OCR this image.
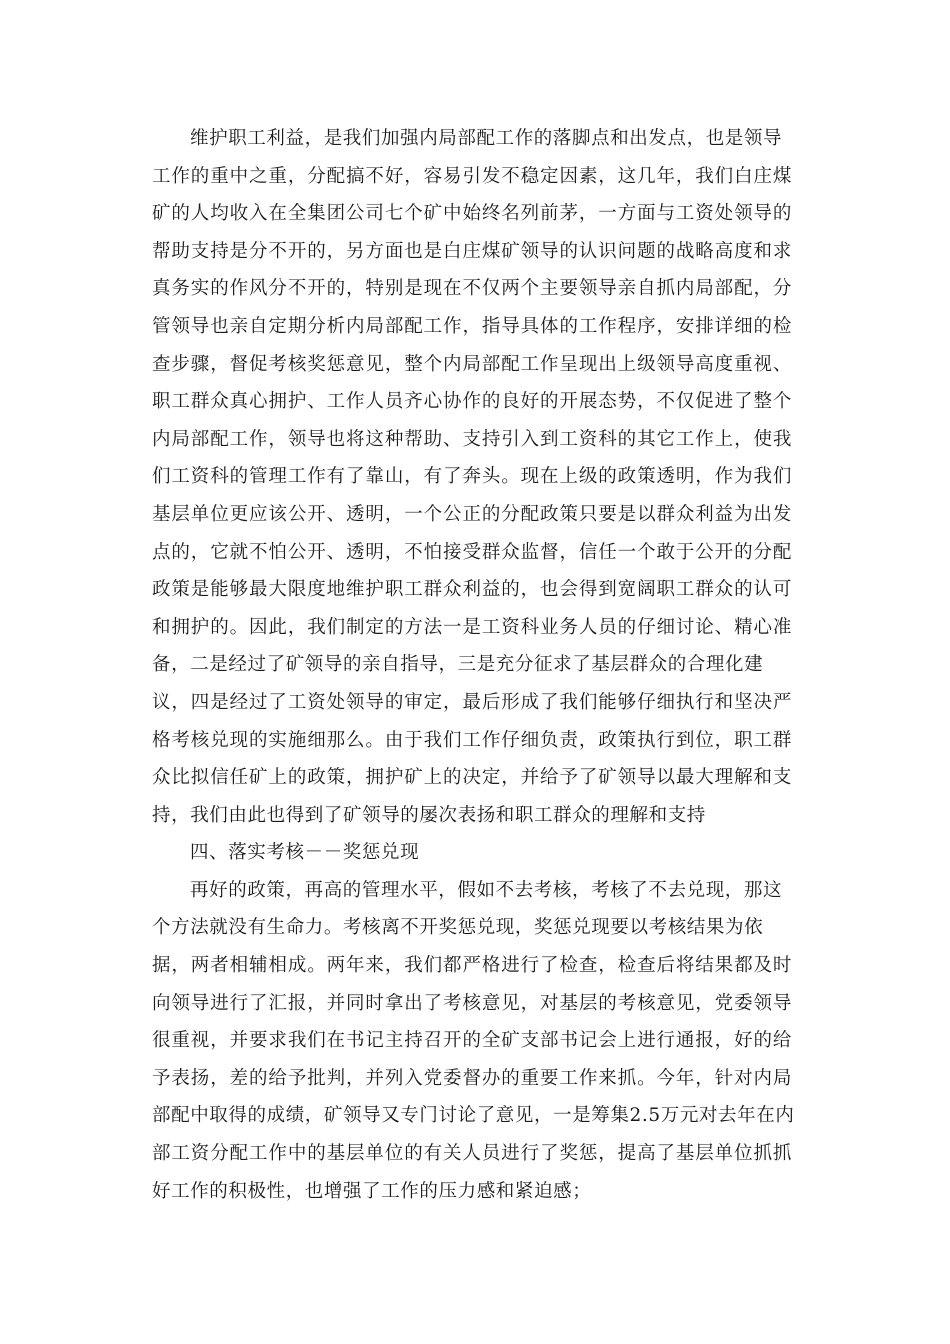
维护职工利益，是我们加强内局部配工作的落脚点和出发点，也是领导
工作的重中之重，分配搞不好，容易引发不稳定因素，这几年，我们白庄煤
矿的人均收入在全集团公司七个矿中始终名列前茅，一方面与工资处领导的
帮助支持是分不开的，另方面也是白庄煤矿领导的认识问题的战略高度和求
真务实的作风分不开的，特别是现在不仅两个主要领导亲自抓内局部配，分
管领导也亲自定期分析内局部配工作，指导具体的工作程序，安排详细的检
查步骤，督促考核奖惩意见，整个内局部配工作呈现出上级领导高度重视、
职工群众真心拥护、工作人员齐心协作的良好的开展态势，不仅促进了整个
内局部配工作，领导也将这种帮助、支持引入到工资科的其它工作上，使我
们工资科的管理工作有了靠山，有了奔头。现在上级的政策透明，作为我们
基层单位更应该公开、透明，一个公正的分配政策只要是以群众利益为出发
点的，它就不怕公开、透明，不怕接受群众监督，信任一个敢于公开的分配
政策是能够最大限度地维护职工群众利益的，也会得到宽阔职工群众的认可
和拥护的。因此，我们制定的方法一是工资科业务人员的仔细讨论、精心准
备，二是经过了矿领导的亲自指导，三是充分征求了基层群众的合理化建
议，四是经过了工资处领导的审定，最后形成了我们能够仔细执行和坚决严
格考核兑现的实施细那么。由于我们工作仔细负责，政策执行到位，职工群
众比拟信任矿上的政策，拥护矿上的决定，并给予了矿领导以最大理解和支
持，我们由此也得到了矿领导的屡次表扬和职工群众的理解和支持
四、落实考核－－奖惩兑现
再好的政策，再高的管理水平，假如不去考核，考核了不去兑现，那这
个方法就没有生命力。考核离不开奖惩兑现，奖惩兑现要以考核结果为依
据，两者相辅相成。两年来，我们都严格进行了检查，检查后将结果都及时
向领导进行了汇报，并同时拿出了考核意见，对基层的考核意见，党委领导
很重视，并要求我们在书记主持召开的全矿支部书记会上进行通报，好的给
予表扬，差的给予批判，并列入党委督办的重要工作来抓。今年，针对内局
部配中取得的成绩，矿领导又专门讨论了意见，一是筹集2.5万元对去年在内
部工资分配工作中的基层单位的有关人员进行了奖惩，提高了基层单位抓抓
好工作的积极性，也增强了工作的压力感和紧迫感；
